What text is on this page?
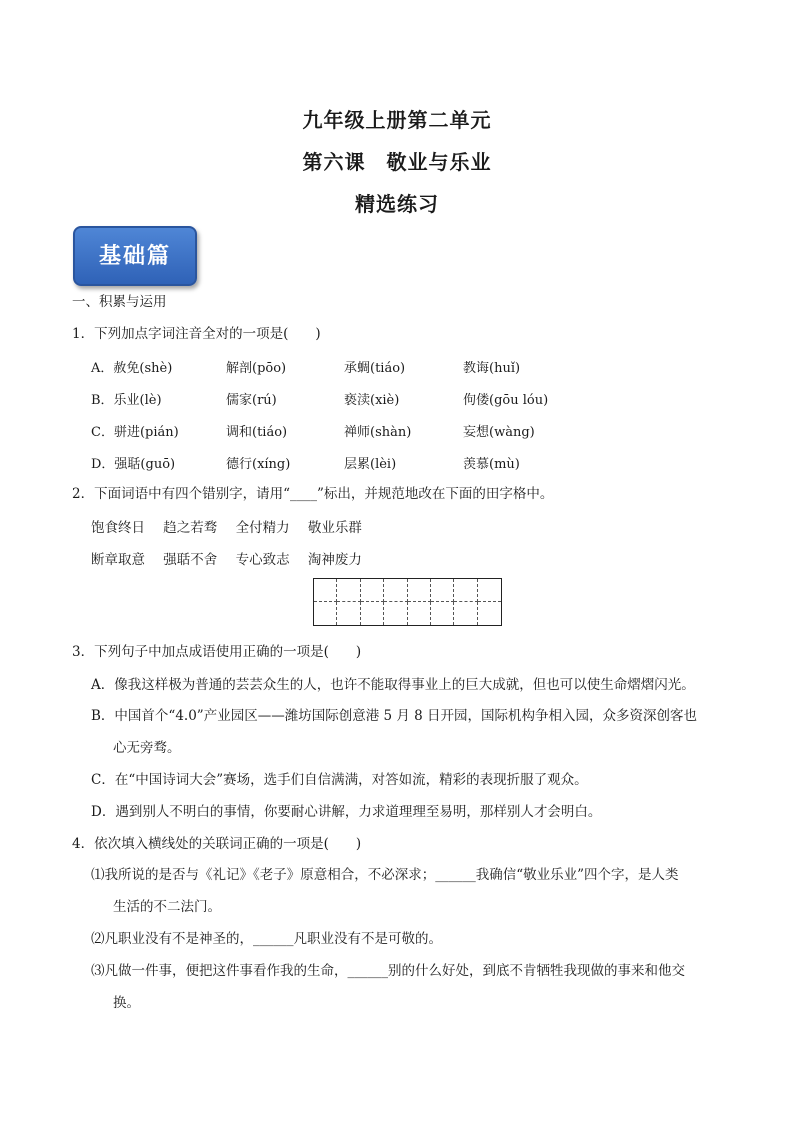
九年级上册第二单元
第六课　敬业与乐业
精选练习
基础篇
一、积累与运用
1．下列加点字词注音全对的一项是(　　)
A．赦免(shè)	解剖(pōo)	承蜩(tiáo)	教诲(huǐ)
B．乐业(lè)	儒家(rú)	亵渎(xiè)	佝偻(gōu lóu)
C．骈进(pián)	调和(tiáo)	禅师(shàn)	妄想(wàng)
D．强聒(guō)	德行(xíng)	层累(lèi)	羡慕(mù)
2．下面词语中有四个错别字，请用“____”标出，并规范地改在下面的田字格中。
饱食终日 趋之若骛 全付精力 敬业乐群
断章取意 强聒不舍 专心致志 淘神废力
3．下列句子中加点成语使用正确的一项是(　　)
A．像我这样极为普通的芸芸众生的人，也许不能取得事业上的巨大成就，但也可以使生命熠熠闪光。
B．中国首个“4.0”产业园区——潍坊国际创意港 5 月 8 日开园，国际机构争相入园，众多资深创客也
心无旁骛。
C．在“中国诗词大会”赛场，选手们自信满满，对答如流，精彩的表现折服了观众。
D．遇到别人不明白的事情，你要耐心讲解，力求道理理至易明，那样别人才会明白。
4．依次填入横线处的关联词正确的一项是(　　)
⑴我所说的是否与《礼记》《老子》原意相合，不必深求；______我确信“敬业乐业”四个字，是人类
生活的不二法门。
⑵凡职业没有不是神圣的，______凡职业没有不是可敬的。
⑶凡做一件事，便把这件事看作我的生命，______别的什么好处，到底不肯牺牲我现做的事来和他交
换。
